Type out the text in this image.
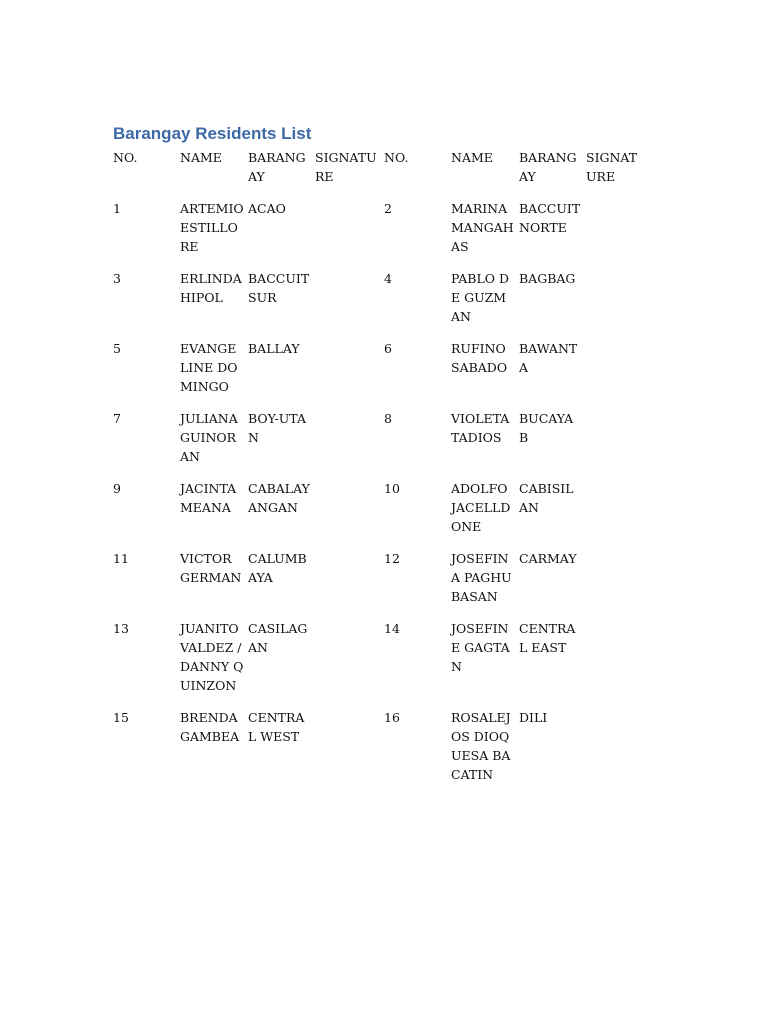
Barangay Residents List
NO.	NAME	BARANGAY	SIGNATURE	NO.	NAME	BARANGAY	SIGNATURE

1	ARTEMIO ESTILLORE	ACAO		2	MARINA MANGAHAS	BACCUIT NORTE	

3	ERLINDA HIPOL	BACCUIT SUR		4	PABLO DE GUZMAN	BAGBAG	

5	EVANGELINE DOMINGO	BALLAY		6	RUFINO SABADO	BAWANTA	

7	JULIANA GUINORAN	BOY-UTAN		8	VIOLETA TADIOS	BUCAYAB	

9	JACINTA MEANA	CABALAYANGAN		10	ADOLFO JACELLDONE	CABISILAN	

11	VICTOR GERMAN	CALUMBAYA		12	JOSEFINA PAGHUBASAN	CARMAY	

13	JUANITO VALDEZ / DANNY QUINZON	CASILAGAN		14	JOSEFINE GAGTAN	CENTRAL EAST	

15	BRENDA GAMBEA	CENTRAL WEST		16	ROSALEJOS DIOQUESA BACATIN	DILI	
